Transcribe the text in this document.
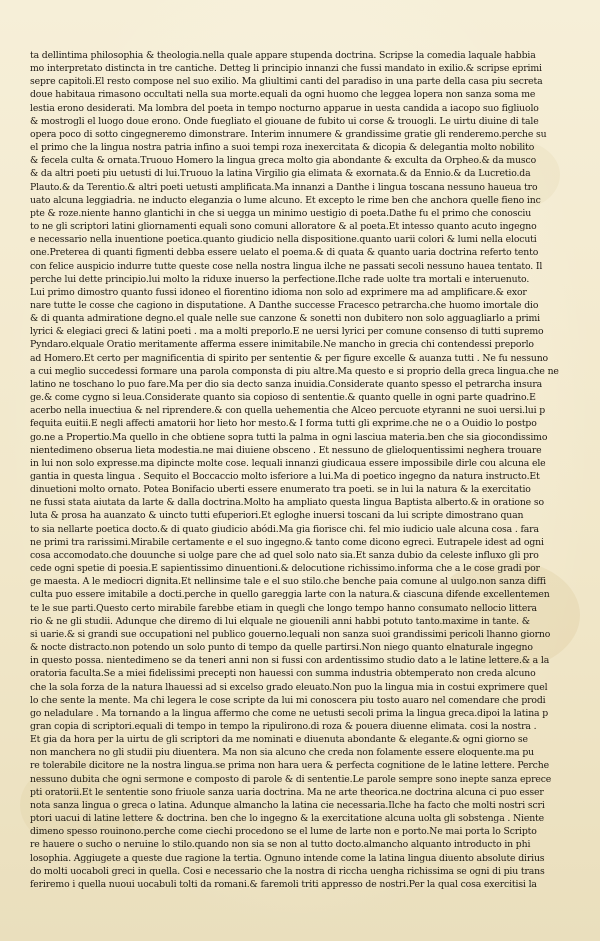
ta dellintima philosophia & theologia.nella quale appare stupenda doctrina. Scripse la comedia laquale habbia
mo interpretato distincta in tre cantiche. Detteg li principio innanzi che fussi mandato in exilio.& scripse eprimi
sepre capitoli.El resto compose nel suo exilio. Ma gliultimi canti del paradiso in una parte della casa piu secreta
doue habitaua rimasono occultati nella sua morte.equali da ogni huomo che leggea lopera non sanza soma me
lestia erono desiderati. Ma lombra del poeta in tempo nocturno apparue in uesta candida a iacopo suo figliuolo
& mostrogli el luogo doue erono. Onde fuegliato el giouane de fubito ui corse & trouogli. Le uirtu diuine di tale
opera poco di sotto cingegneremo dimonstrare. Interim innumere & grandissime gratie gli renderemo.perche su
el primo che la lingua nostra patria infino a suoi tempi roza inexercitata & dicopia & delegantia molto nobilito
& fecela culta & ornata.Truouo Homero la lingua greca molto gia abondante & exculta da Orpheo.& da musco
& da altri poeti piu uetusti di lui.Truouo la latina Virgilio gia elimata & exornata.& da Ennio.& da Lucretio.da
Plauto.& da Terentio.& altri poeti uetusti amplificata.Ma innanzi a Danthe i lingua toscana nessuno haueua tro
uato alcuna leggiadria. ne inducto eleganzia o lume alcuno. Et excepto le rime ben che anchora quelle fieno inc
pte & roze.niente hanno glantichi in che si uegga un minimo uestigio di poeta.Dathe fu el primo che conosciu
to ne gli scriptori latini gliornamenti equali sono comuni alloratore & al poeta.Et intesso quanto acuto ingegno
e necessario nella inuentione poetica.quanto giudicio nella dispositione.quanto uarii colori & lumi nella elocuti
one.Preterea di quanti figmenti debba essere uelato el poema.& di quata & quanto uaria doctrina referto tento
con felice auspicio indurre tutte queste cose nella nostra lingua ilche ne passati secoli nessuno hauea tentato. Il
perche lui dette principio.lui molto la riduxe inuerso la perfectione.Ilche rade uolte tra mortali e interuenuto.
Lui primo dimostro quanto fussi idoneo el fiorentino idioma non solo ad exprimere ma ad amplificare.& exor
nare tutte le cosse che cagiono in disputatione. A Danthe successe Fracesco petrarcha.che huomo imortale dio
& di quanta admiratione degno.el quale nelle sue canzone & sonetti non dubitero non solo agguagliarlo a primi
lyrici & elegiaci greci & latini poeti . ma a molti preporlo.E ne uersi lyrici per comune consenso di tutti supremo
Pyndaro.elquale Oratio meritamente afferma essere inimitabile.Ne mancho in grecia chi contendessi preporlo
ad Homero.Et certo per magnificentia di spirito per sententie & per figure excelle & auanza tutti . Ne fu nessuno
a cui meglio succedessi formare una parola componsta di piu altre.Ma questo e si proprio della greca lingua.che ne
latino ne toschano lo puo fare.Ma per dio sia decto sanza inuidia.Considerate quanto spesso el petrarcha insura
ge.& come cygno si leua.Considerate quanto sia copioso di sententie.& quanto quelle in ogni parte quadrino.E
acerbo nella inuectiua & nel riprendere.& con quella uehementia che Alceo percuote etyranni ne suoi uersi.lui p
fequita euitii.E negli affecti amatorii hor lieto hor mesto.& I forma tutti gli exprime.che ne o a Ouidio lo postpo
go.ne a Propertio.Ma quello in che obtiene sopra tutti la palma in ogni lasciua materia.ben che sia giocondissimo
nientedimeno obserua lieta modestia.ne mai diuiene obsceno . Et nessuno de glieloquentissimi neghera trouare
in lui non solo expresse.ma dipincte molte cose. lequali innanzi giudicaua essere impossibile dirle cou alcuna ele
gantia in questa lingua . Sequito el Boccaccio molto isferiore a lui.Ma di poetico ingegno da natura instructo.Et
dinuetioni molto ornato. Potea Bonifacio uberti essere enumerato tra poeti. se in lui la natura & la exercitatio
ne fussi stata aiutata da larte & dalla doctrina.Molto ha ampliato questa lingua Baptista alberto.& in oratione so
luta & prosa ha auanzato & uincto tutti efuperiori.Et egloghe inuersi toscani da lui scripte dimostrano quan
to sia nellarte poetica docto.& di quato giudicio abódi.Ma gia fiorisce chi. fel mio iudicio uale alcuna cosa . fara
ne primi tra rarissimi.Mirabile certamente e el suo ingegno.& tanto come dicono egreci. Eutrapele idest ad ogni
cosa accomodato.che douunche si uolge pare che ad quel solo nato sia.Et sanza dubio da celeste influxo gli pro
cede ogni spetie di poesia.E sapientissimo dinuentioni.& delocutione richissimo.informa che a le cose gradi por
ge maesta. A le mediocri dignita.Et nellinsime tale e el suo stilo.che benche paia comune al uulgo.non sanza diffi
culta puo essere imitabile a docti.perche in quello gareggia larte con la natura.& ciascuna difende excellentemen
te le sue parti.Questo certo mirabile farebbe etiam in quegli che longo tempo hanno consumato nellocio littera
rio & ne gli studii. Adunque che diremo di lui elquale ne giouenili anni habbi potuto tanto.maxime in tante. &
si uarie.& si grandi sue occupationi nel publico gouerno.lequali non sanza suoi grandissimi pericoli lhanno giorno
& nocte distracto.non potendo un solo punto di tempo da quelle partirsi.Non niego quanto elnaturale ingegno
in questo possa. nientedimeno se da teneri anni non si fussi con ardentissimo studio dato a le latine lettere.& a la
oratoria faculta.Se a miei fidelissimi precepti non hauessi con summa industria obtemperato non creda alcuno
che la sola forza de la natura lhauessi ad si excelso grado eleuato.Non puo la lingua mia in costui exprimere quel
lo che sente la mente. Ma chi legera le cose scripte da lui mi conoscera piu tosto auaro nel comendare che prodi
go neladulare . Ma tornando a la lingua affermo che come ne uetusti secoli prima la lingua greca.dipoi la latina p
gran copia di scriptori.equali di tempo in tempo la ripulirono.di roza & pouera diuenne elimata. cosi la nostra .
Et gia da hora per la uirtu de gli scriptori da me nominati e diuenuta abondante & elegante.& ogni giorno se
non manchera no gli studii piu diuentera. Ma non sia alcuno che creda non folamente essere eloquente.ma pu
re tolerabile dicitore ne la nostra lingua.se prima non hara uera & perfecta cognitione de le latine lettere. Perche
nessuno dubita che ogni sermone e composto di parole & di sententie.Le parole sempre sono inepte sanza eprece
pti oratorii.Et le sententie sono friuole sanza uaria doctrina. Ma ne arte theorica.ne doctrina alcuna ci puo esser
nota sanza lingua o greca o latina. Adunque almancho la latina cie necessaria.Ilche ha facto che molti nostri scri
ptori uacui di latine lettere & doctrina. ben che lo ingegno & la exercitatione alcuna uolta gli sobstenga . Niente
dimeno spesso rouinono.perche come ciechi procedono se el lume de larte non e porto.Ne mai porta lo Scripto
re hauere o sucho o neruine lo stilo.quando non sia se non al tutto docto.almancho alquanto introducto in phi
losophia. Aggiugete a queste due ragione la tertia. Ognuno intende come la latina lingua diuento absolute dirius
do molti uocaboli greci in quella. Cosi e necessario che la nostra di riccha uengha richissima se ogni di piu trans
feriremo i quella nuoui uocabuli tolti da romani.& faremoli triti appresso de nostri.Per la qual cosa exercitisi la
